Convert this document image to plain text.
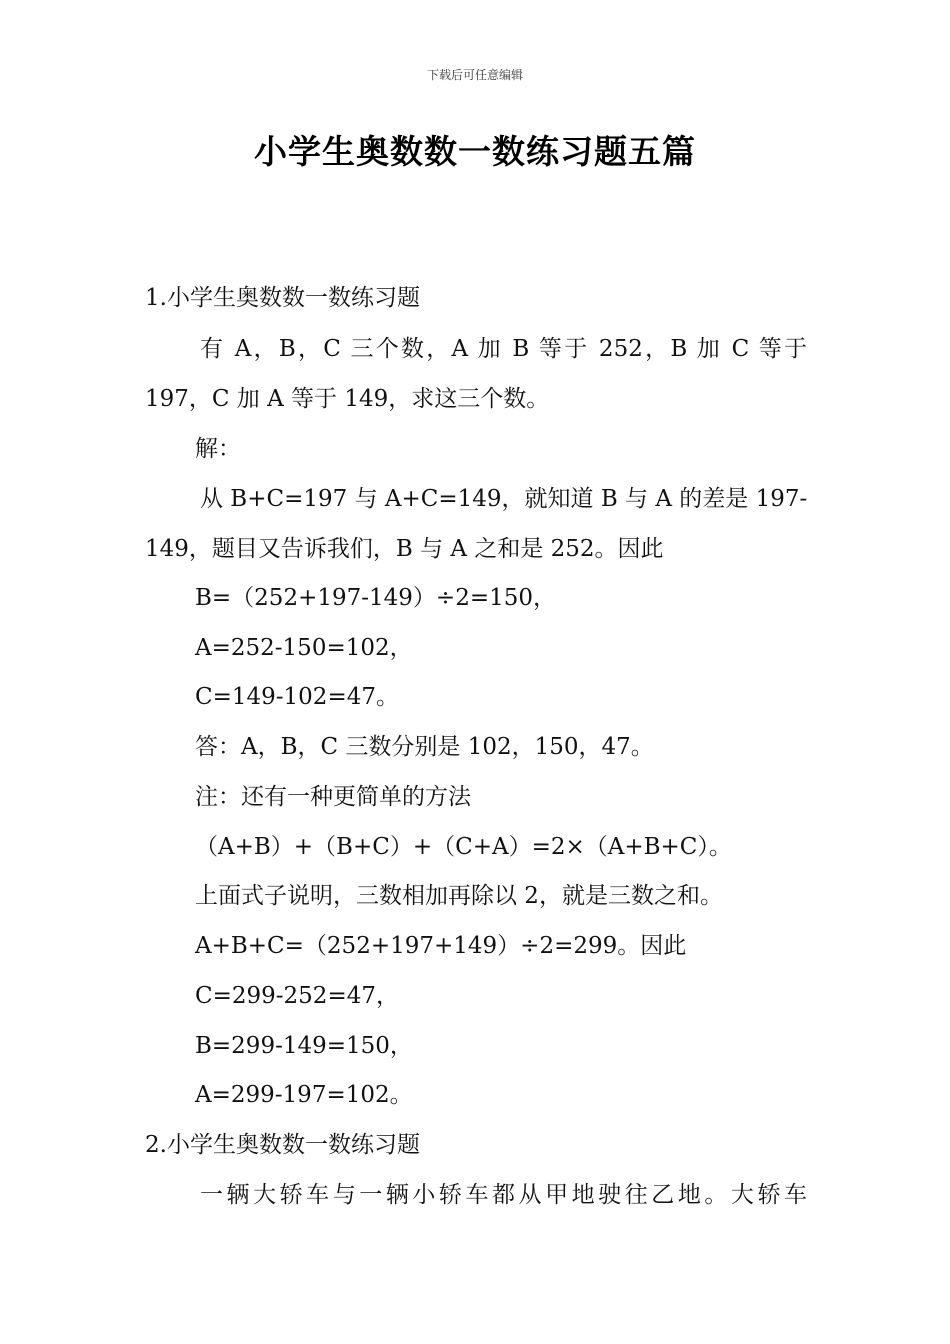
下载后可任意编辑
小学生奥数数一数练习题五篇
1.小学生奥数数一数练习题
有 A，B，C 三个数，A 加 B 等于 252，B 加 C 等于
197，C 加 A 等于 149，求这三个数。
解：
从 B+C=197 与 A+C=149，就知道 B 与 A 的差是 197-
149，题目又告诉我们，B 与 A 之和是 252。因此
B=（252+197-149）÷2=150，
A=252-150=102，
C=149-102=47。
答：A，B，C 三数分别是 102，150，47。
注：还有一种更简单的方法
（A+B）+（B+C）+（C+A）=2×（A+B+C）。
上面式子说明，三数相加再除以 2，就是三数之和。
A+B+C=（252+197+149）÷2=299。因此
C=299-252=47，
B=299-149=150，
A=299-197=102。
2.小学生奥数数一数练习题
一辆大轿车与一辆小轿车都从甲地驶往乙地。大轿车
